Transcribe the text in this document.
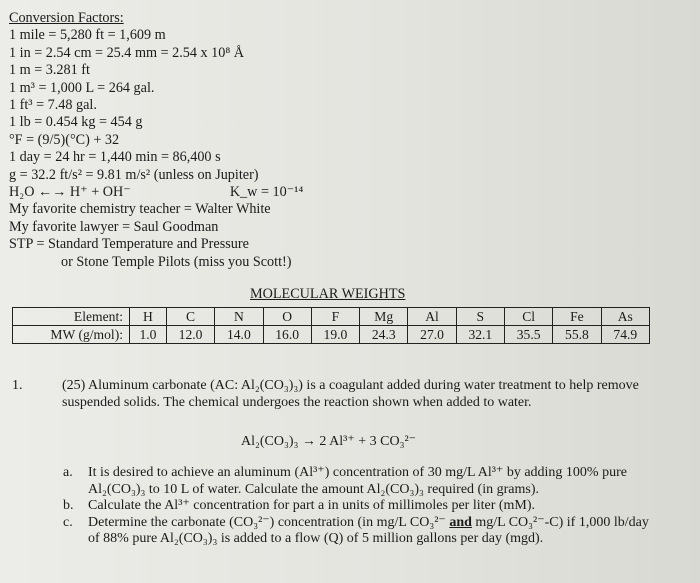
Conversion Factors:
1 mile = 5,280 ft = 1,609 m
1 in = 2.54 cm = 25.4 mm = 2.54 x 10⁸ Å
1 m = 3.281 ft
1 m³ = 1,000 L = 264 gal.
1 ft³ = 7.48 gal.
1 lb = 0.454 kg = 454 g
°F = (9/5)(°C) + 32
1 day = 24 hr = 1,440 min = 86,400 s
g = 32.2 ft/s² = 9.81 m/s² (unless on Jupiter)
H₂O ←→ H⁺ + OH⁻	K_w = 10⁻¹⁴
My favorite chemistry teacher = Walter White
My favorite lawyer = Saul Goodman
STP = Standard Temperature and Pressure
or Stone Temple Pilots (miss you Scott!)
MOLECULAR WEIGHTS
Element:	H	C	N	O	F	Mg	Al	S	Cl	Fe	As
MW (g/mol):	1.0	12.0	14.0	16.0	19.0	24.3	27.0	32.1	35.5	55.8	74.9
1.	(25) Aluminum carbonate (AC: Al₂(CO₃)₃) is a coagulant added during water treatment to help remove suspended solids. The chemical undergoes the reaction shown when added to water.
Al₂(CO₃)₃ → 2 Al³⁺ + 3 CO₃²⁻
a. It is desired to achieve an aluminum (Al³⁺) concentration of 30 mg/L Al³⁺ by adding 100% pure Al₂(CO₃)₃ to 10 L of water. Calculate the amount Al₂(CO₃)₃ required (in grams).
b. Calculate the Al³⁺ concentration for part a in units of millimoles per liter (mM).
c. Determine the carbonate (CO₃²⁻) concentration (in mg/L CO₃²⁻ and mg/L CO₃²⁻-C) if 1,000 lb/day of 88% pure Al₂(CO₃)₃ is added to a flow (Q) of 5 million gallons per day (mgd).
